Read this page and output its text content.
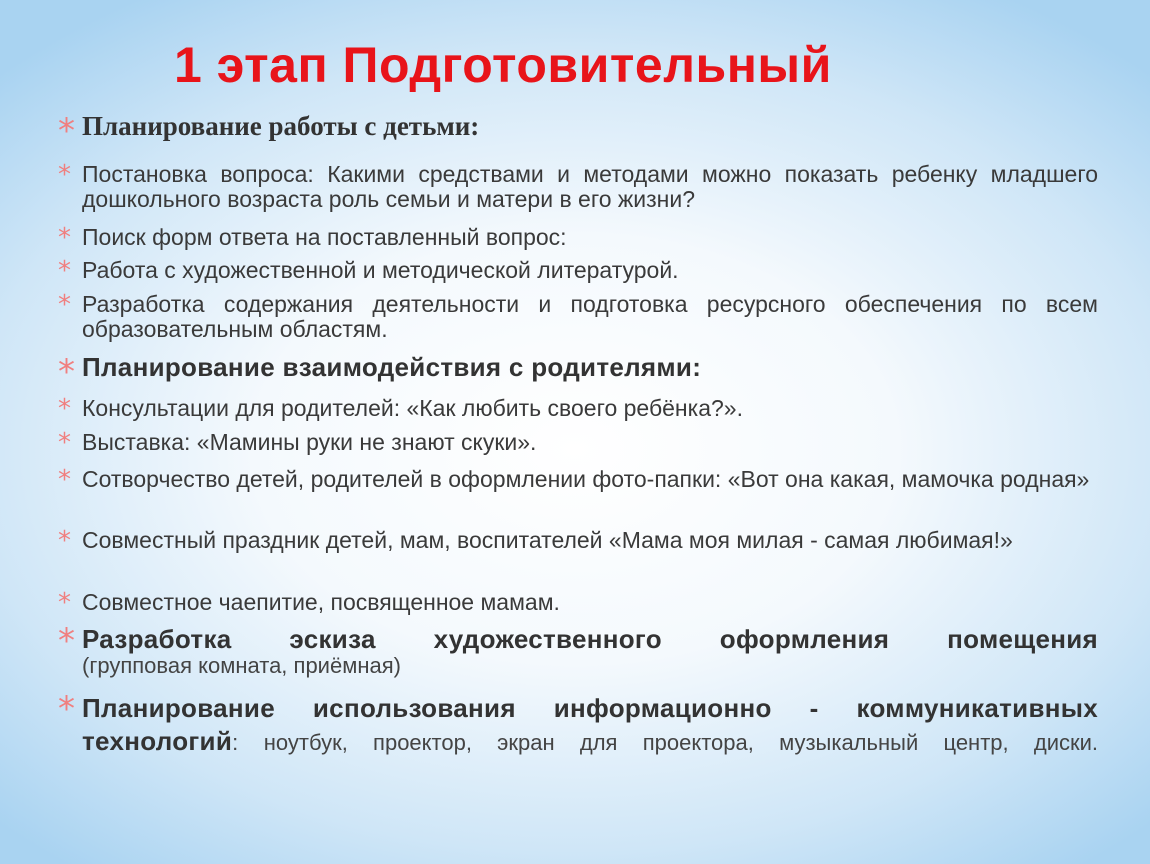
1 этап Подготовительный
* Планирование работы с детьми:
* Постановка вопроса: Какими средствами и методами можно показать ребенку младшего дошкольного возраста роль семьи и матери в его жизни?
* Поиск форм ответа на поставленный вопрос:
* Работа с художественной и методической литературой.
* Разработка содержания деятельности и подготовка ресурсного обеспечения по всем образовательным областям.
* Планирование взаимодействия с родителями:
* Консультации для родителей: «Как любить своего ребёнка?».
* Выставка: «Мамины руки не знают скуки».
* Сотворчество детей, родителей в оформлении фото-папки: «Вот она какая, мамочка родная»
* Совместный праздник детей, мам, воспитателей «Мама моя милая - самая любимая!»
* Совместное чаепитие, посвященное мамам.
* Разработка эскиза художественного оформления помещения
(групповая комната, приёмная)
* Планирование использования информационно - коммуникативных технологий: ноутбук, проектор, экран для проектора, музыкальный центр, диски.
